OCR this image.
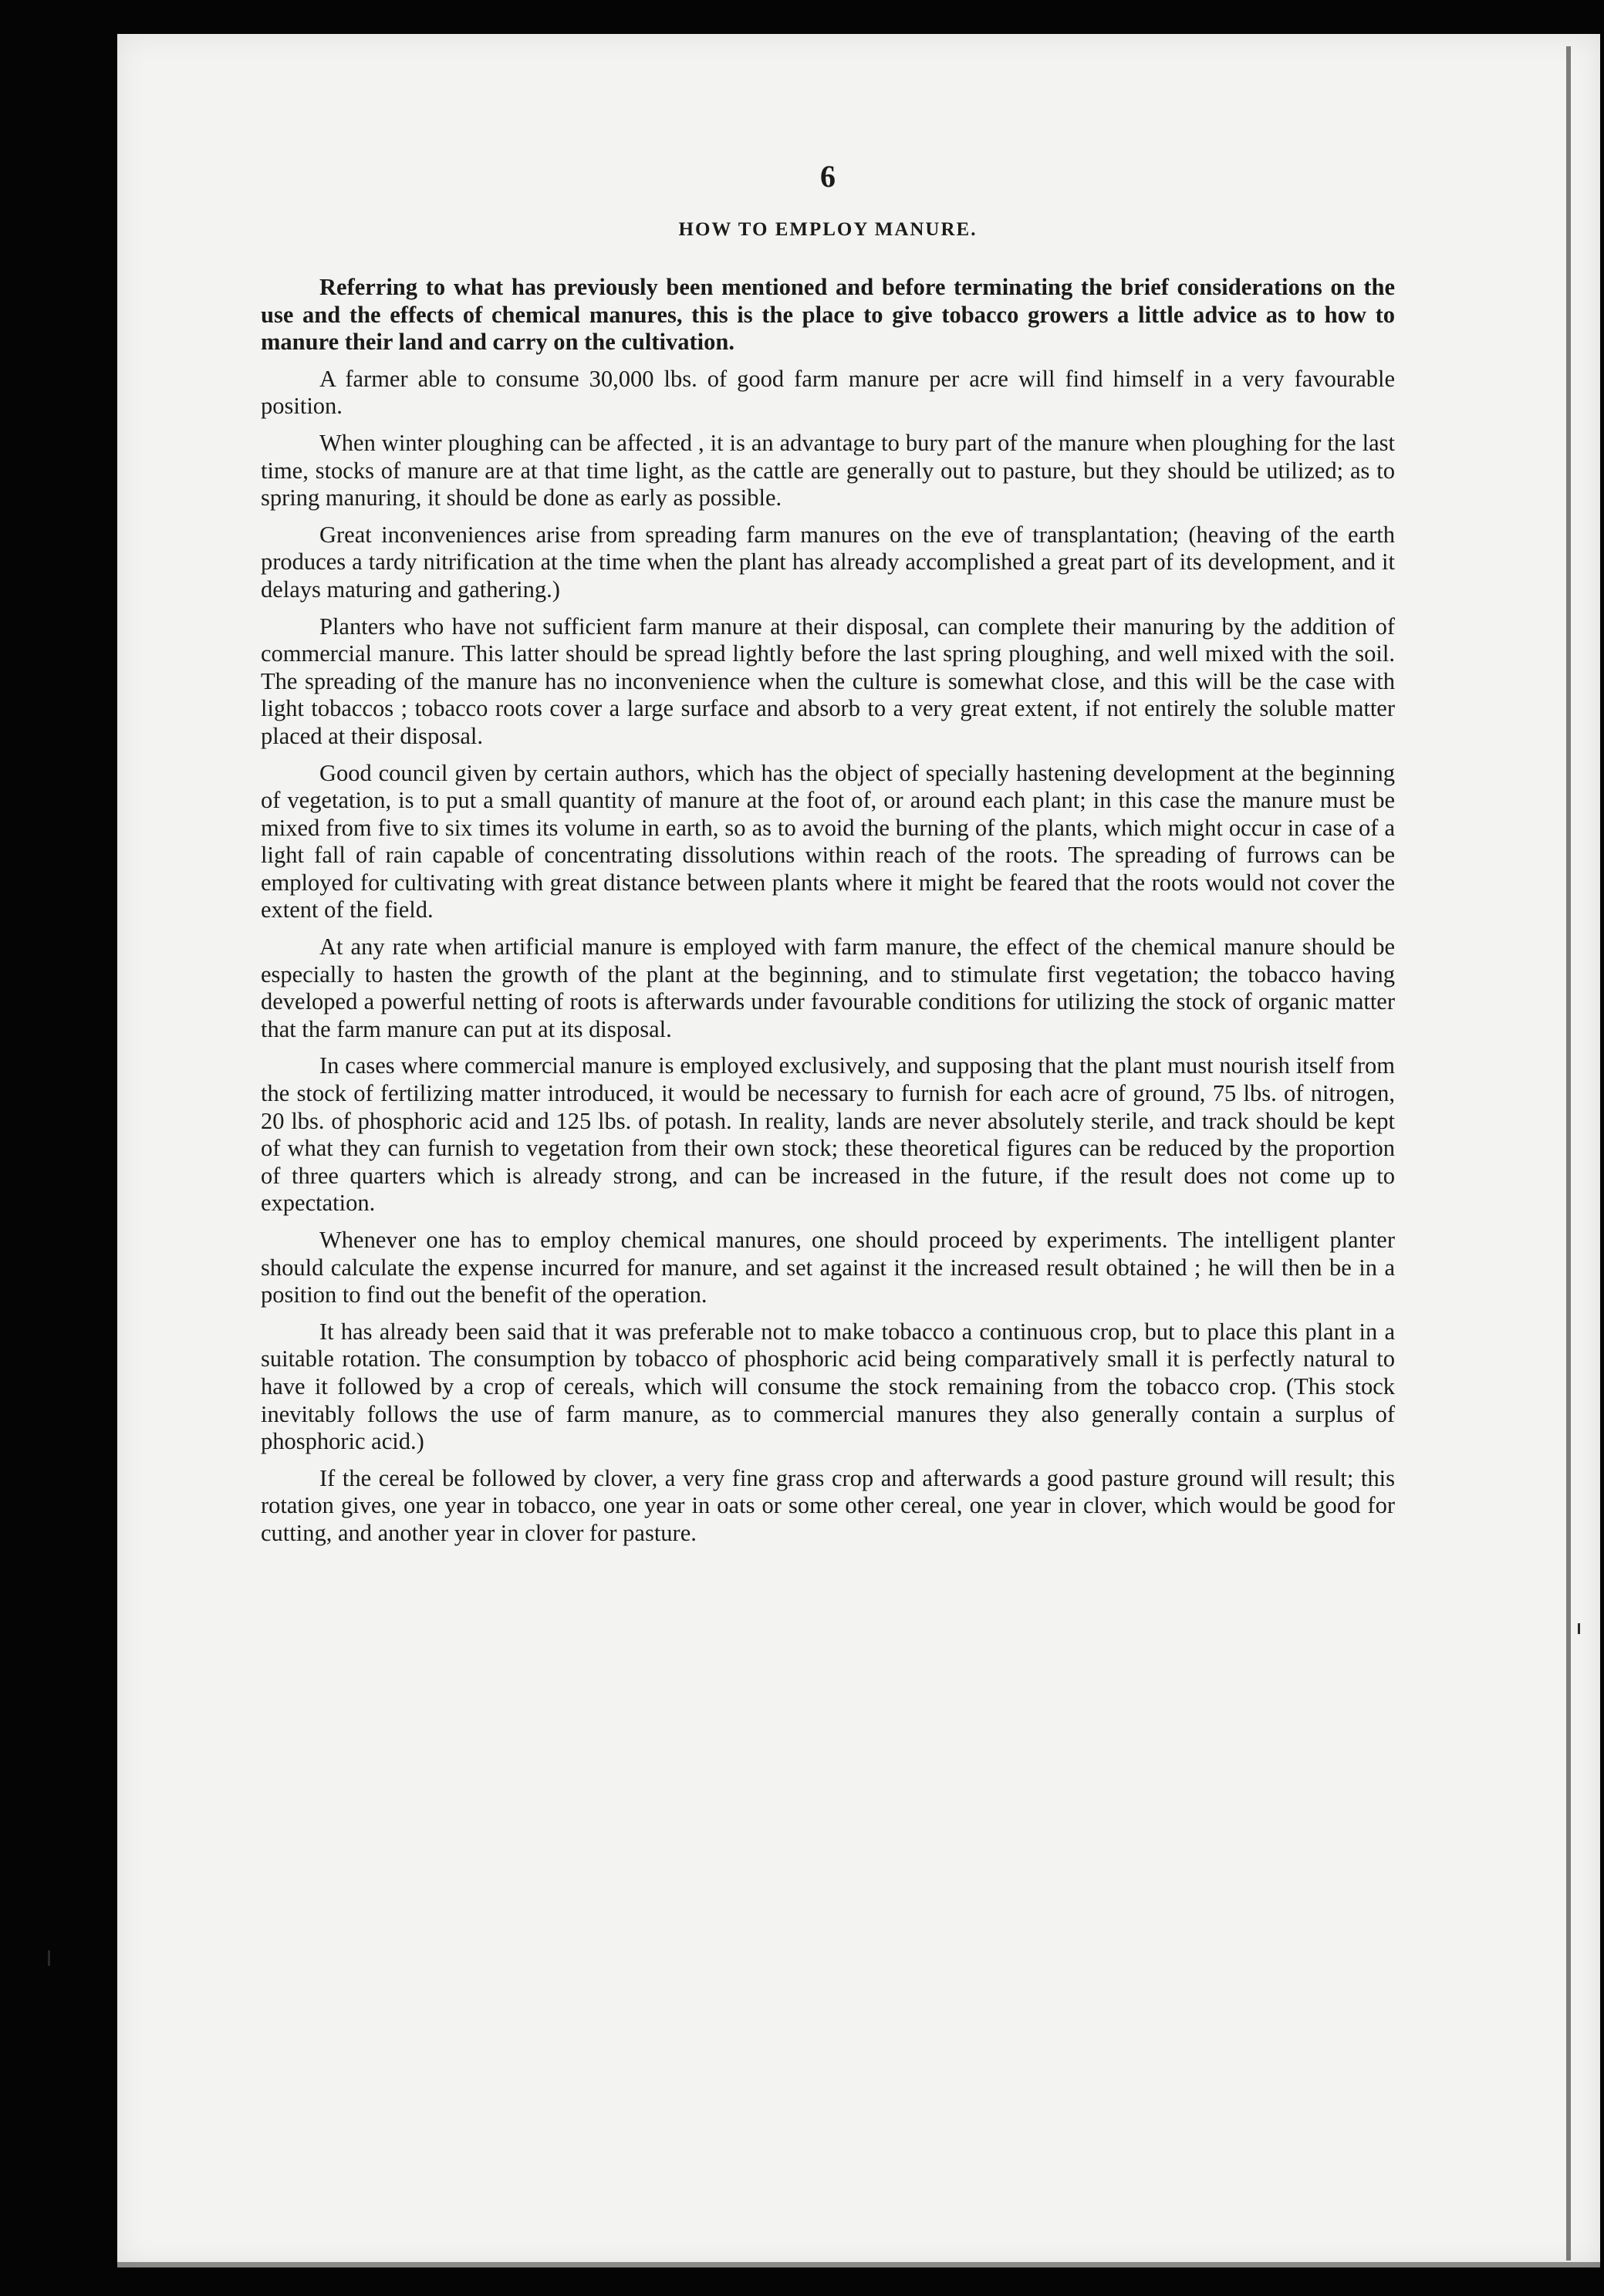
6
HOW TO EMPLOY MANURE.

Referring to what has previously been mentioned and before terminating the brief considerations on the use and the effects of chemical manures, this is the place to give tobacco growers a little advice as to how to manure their land and carry on the cultivation.

A farmer able to consume 30,000 lbs. of good farm manure per acre will find himself in a very favourable position.

When winter ploughing can be affected , it is an advantage to bury part of the manure when ploughing for the last time, stocks of manure are at that time light, as the cattle are generally out to pasture, but they should be utilized; as to spring manuring, it should be done as early as possible.

Great inconveniences arise from spreading farm manures on the eve of transplantation; (heaving of the earth produces a tardy nitrification at the time when the plant has already accomplished a great part of its development, and it delays maturing and gathering.)

Planters who have not sufficient farm manure at their disposal, can complete their manuring by the addition of commercial manure. This latter should be spread lightly before the last spring ploughing, and well mixed with the soil. The spreading of the manure has no inconvenience when the culture is somewhat close, and this will be the case with light tobaccos ; tobacco roots cover a large surface and absorb to a very great extent, if not entirely the soluble matter placed at their disposal.

Good council given by certain authors, which has the object of specially hastening development at the beginning of vegetation, is to put a small quantity of manure at the foot of, or around each plant; in this case the manure must be mixed from five to six times its volume in earth, so as to avoid the burning of the plants, which might occur in case of a light fall of rain capable of concentrating dissolutions within reach of the roots. The spreading of furrows can be employed for cultivating with great distance between plants where it might be feared that the roots would not cover the extent of the field.

At any rate when artificial manure is employed with farm manure, the effect of the chemical manure should be especially to hasten the growth of the plant at the beginning, and to stimulate first vegetation; the tobacco having developed a powerful netting of roots is afterwards under favourable conditions for utilizing the stock of organic matter that the farm manure can put at its disposal.

In cases where commercial manure is employed exclusively, and supposing that the plant must nourish itself from the stock of fertilizing matter introduced, it would be necessary to furnish for each acre of ground, 75 lbs. of nitrogen, 20 lbs. of phosphoric acid and 125 lbs. of potash. In reality, lands are never absolutely sterile, and track should be kept of what they can furnish to vegetation from their own stock; these theoretical figures can be reduced by the proportion of three quarters which is already strong, and can be increased in the future, if the result does not come up to expectation.

Whenever one has to employ chemical manures, one should proceed by experiments. The intelligent planter should calculate the expense incurred for manure, and set against it the increased result obtained ; he will then be in a position to find out the benefit of the operation.

It has already been said that it was preferable not to make tobacco a continuous crop, but to place this plant in a suitable rotation. The consumption by tobacco of phosphoric acid being comparatively small it is perfectly natural to have it followed by a crop of cereals, which will consume the stock remaining from the tobacco crop. (This stock inevitably follows the use of farm manure, as to commercial manures they also generally contain a surplus of phosphoric acid.)

If the cereal be followed by clover, a very fine grass crop and afterwards a good pasture ground will result; this rotation gives, one year in tobacco, one year in oats or some other cereal, one year in clover, which would be good for cutting, and another year in clover for pasture.
